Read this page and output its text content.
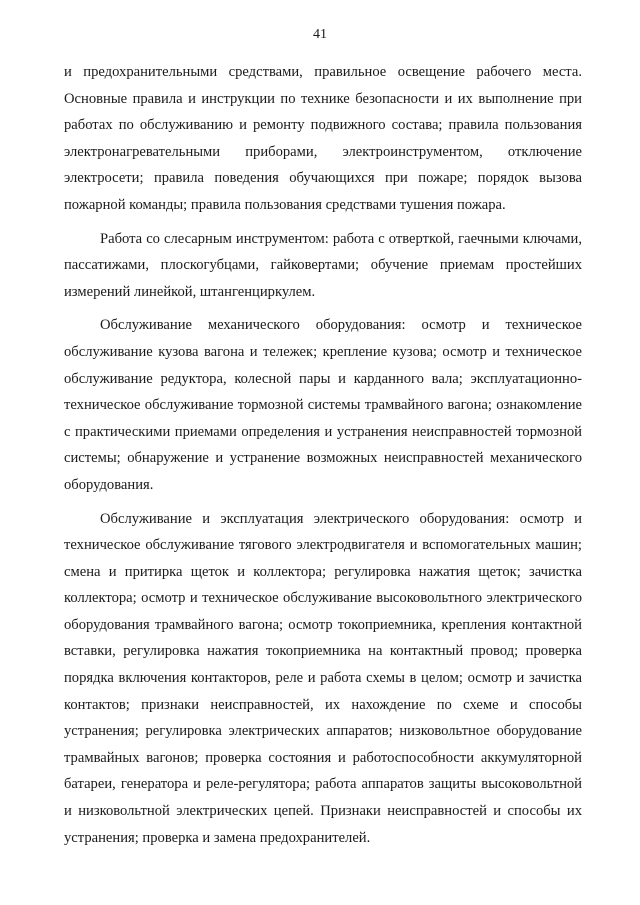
41

и предохранительными средствами, правильное освещение рабочего места. Основные правила и инструкции по технике безопасности и их выполнение при работах по обслуживанию и ремонту подвижного состава; правила пользования электронагревательными приборами, электроинструментом, отключение электросети; правила поведения обучающихся при пожаре; порядок вызова пожарной команды; правила пользования средствами тушения пожара.

Работа со слесарным инструментом: работа с отверткой, гаечными ключами, пассатижами, плоскогубцами, гайковертами; обучение приемам простейших измерений линейкой, штангенциркулем.

Обслуживание механического оборудования: осмотр и техническое обслуживание кузова вагона и тележек; крепление кузова; осмотр и техническое обслуживание редуктора, колесной пары и карданного вала; эксплуатационно-техническое обслуживание тормозной системы трамвайного вагона; ознакомление с практическими приемами определения и устранения неисправностей тормозной системы; обнаружение и устранение возможных неисправностей механического оборудования.

Обслуживание и эксплуатация электрического оборудования: осмотр и техническое обслуживание тягового электродвигателя и вспомогательных машин; смена и притирка щеток и коллектора; регулировка нажатия щеток; зачистка коллектора; осмотр и техническое обслуживание высоковольтного электрического оборудования трамвайного вагона; осмотр токоприемника, крепления контактной вставки, регулировка нажатия токоприемника на контактный провод; проверка порядка включения контакторов, реле и работа схемы в целом; осмотр и зачистка контактов; признаки неисправностей, их нахождение по схеме и способы устранения; регулировка электрических аппаратов; низковольтное оборудование трамвайных вагонов; проверка состояния и работоспособности аккумуляторной батареи, генератора и реле-регулятора; работа аппаратов защиты высоковольтной и низковольтной электрических цепей. Признаки неисправностей и способы их устранения; проверка и замена предохранителей.
